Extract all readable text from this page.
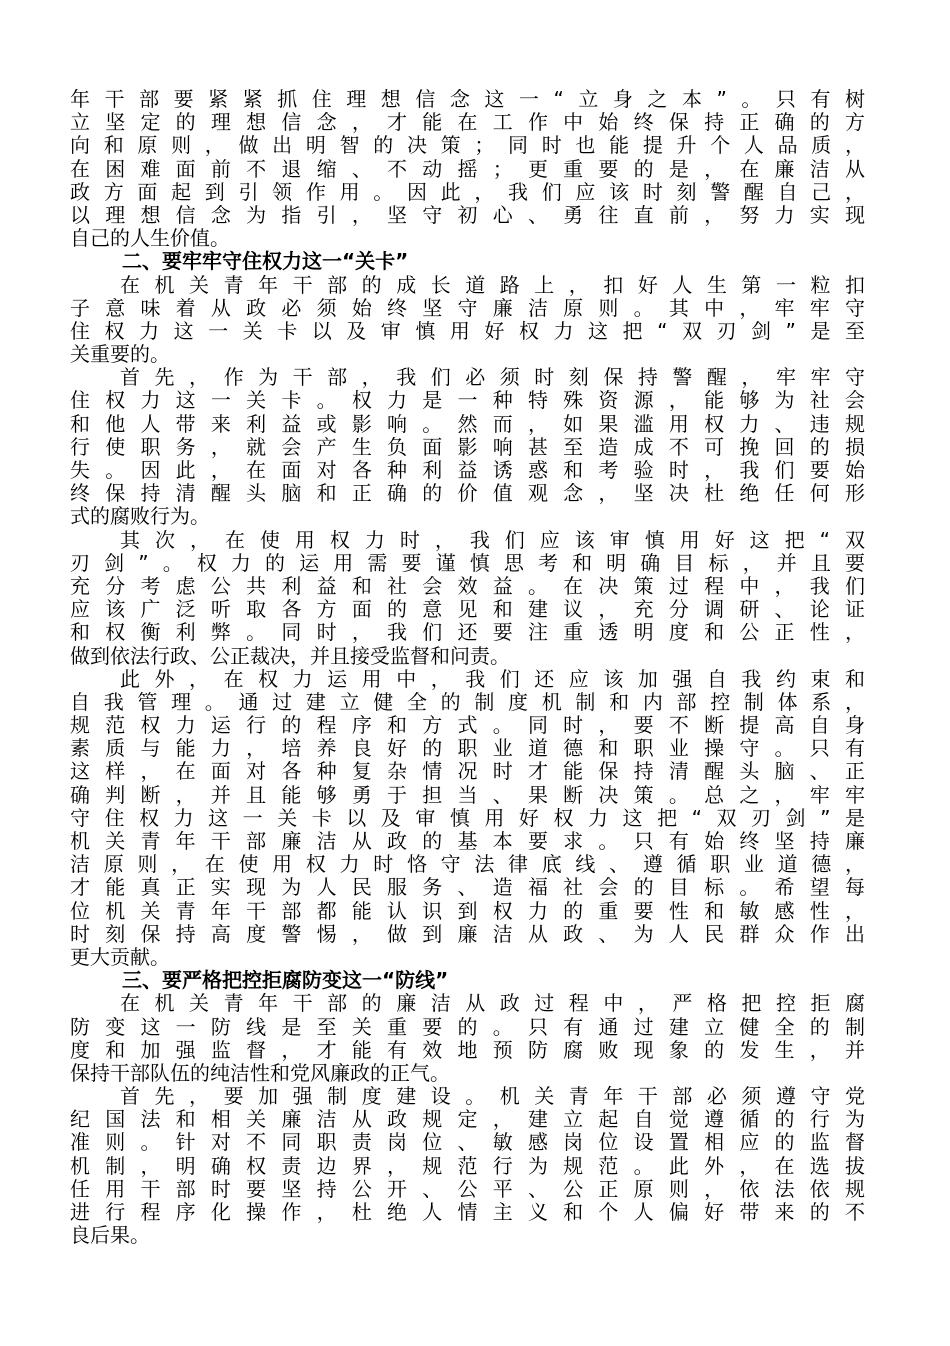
年干部要紧紧抓住理想信念这一“立身之本”。只有树
立坚定的理想信念，才能在工作中始终保持正确的方
向和原则，做出明智的决策；同时也能提升个人品质，
在困难面前不退缩、不动摇；更重要的是，在廉洁从
政方面起到引领作用。因此，我们应该时刻警醒自己，
以理想信念为指引，坚守初心、勇往直前，努力实现
自己的人生价值。
二、要牢牢守住权力这一“关卡”
在机关青年干部的成长道路上，扣好人生第一粒扣
子意味着从政必须始终坚守廉洁原则。其中，牢牢守
住权力这一关卡以及审慎用好权力这把“双刃剑”是至
关重要的。
首先，作为干部，我们必须时刻保持警醒，牢牢守
住权力这一关卡。权力是一种特殊资源，能够为社会
和他人带来利益或影响。然而，如果滥用权力、违规
行使职务，就会产生负面影响甚至造成不可挽回的损
失。因此，在面对各种利益诱惑和考验时，我们要始
终保持清醒头脑和正确的价值观念，坚决杜绝任何形
式的腐败行为。
其次，在使用权力时，我们应该审慎用好这把“双
刃剑”。权力的运用需要谨慎思考和明确目标，并且要
充分考虑公共利益和社会效益。在决策过程中，我们
应该广泛听取各方面的意见和建议，充分调研、论证
和权衡利弊。同时，我们还要注重透明度和公正性，
做到依法行政、公正裁决，并且接受监督和问责。
此外，在权力运用中，我们还应该加强自我约束和
自我管理。通过建立健全的制度机制和内部控制体系，
规范权力运行的程序和方式。同时，要不断提高自身
素质与能力，培养良好的职业道德和职业操守。只有
这样，在面对各种复杂情况时才能保持清醒头脑、正
确判断，并且能够勇于担当、果断决策。总之，牢牢
守住权力这一关卡以及审慎用好权力这把“双刃剑”是
机关青年干部廉洁从政的基本要求。只有始终坚持廉
洁原则，在使用权力时恪守法律底线、遵循职业道德，
才能真正实现为人民服务、造福社会的目标。希望每
位机关青年干部都能认识到权力的重要性和敏感性，
时刻保持高度警惕，做到廉洁从政、为人民群众作出
更大贡献。
三、要严格把控拒腐防变这一“防线”
在机关青年干部的廉洁从政过程中，严格把控拒腐
防变这一防线是至关重要的。只有通过建立健全的制
度和加强监督，才能有效地预防腐败现象的发生，并
保持干部队伍的纯洁性和党风廉政的正气。
首先，要加强制度建设。机关青年干部必须遵守党
纪国法和相关廉洁从政规定，建立起自觉遵循的行为
准则。针对不同职责岗位、敏感岗位设置相应的监督
机制，明确权责边界，规范行为规范。此外，在选拔
任用干部时要坚持公开、公平、公正原则，依法依规
进行程序化操作，杜绝人情主义和个人偏好带来的不
良后果。
